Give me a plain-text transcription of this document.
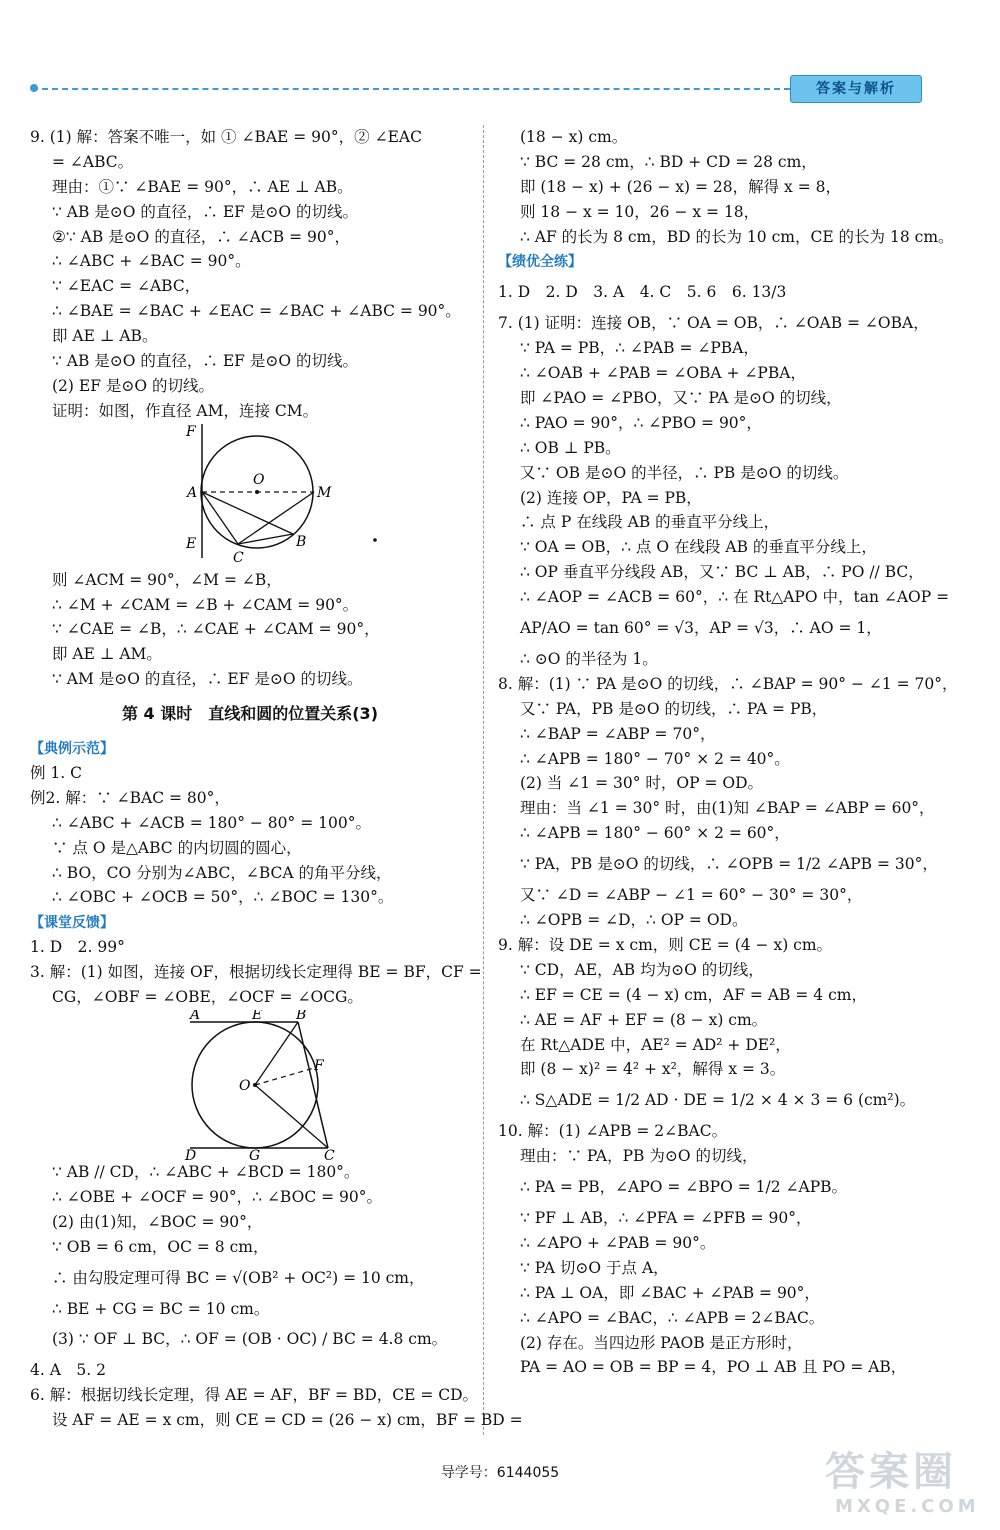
答案与解析
9. (1) 解：答案不唯一，如 ① ∠BAE = 90°，② ∠EAC
= ∠ABC。
理由：①∵ ∠BAE = 90°，∴ AE ⊥ AB。
∵ AB 是⊙O 的直径，∴ EF 是⊙O 的切线。
②∵ AB 是⊙O 的直径，∴ ∠ACB = 90°，
∴ ∠ABC + ∠BAC = 90°。
∵ ∠EAC = ∠ABC，
∴ ∠BAE = ∠BAC + ∠EAC = ∠BAC + ∠ABC = 90°。
即 AE ⊥ AB。
∵ AB 是⊙O 的直径，∴ EF 是⊙O 的切线。
(2) EF 是⊙O 的切线。
证明：如图，作直径 AM，连接 CM。
F
O
A	M
E
C
B
则 ∠ACM = 90°，∠M = ∠B，
∴ ∠M + ∠CAM = ∠B + ∠CAM = 90°。
∵ ∠CAE = ∠B，∴ ∠CAE + ∠CAM = 90°，
即 AE ⊥ AM。
∵ AM 是⊙O 的直径，∴ EF 是⊙O 的切线。
第 4 课时　直线和圆的位置关系(3)
【典例示范】
例 1. C
例2. 解：∵ ∠BAC = 80°，
∴ ∠ABC + ∠ACB = 180° − 80° = 100°。
∵ 点 O 是△ABC 的内切圆的圆心，
∴ BO，CO 分别为∠ABC，∠BCA 的角平分线，
∴ ∠OBC + ∠OCB = 50°，∴ ∠BOC = 130°。
【课堂反馈】
1. D　2. 99°
3. 解：(1) 如图，连接 OF，根据切线长定理得 BE = BF，CF =
CG，∠OBF = ∠OBE，∠OCF = ∠OCG。
A	E B
O
F
D	G	C
∵ AB // CD，∴ ∠ABC + ∠BCD = 180°。
∴ ∠OBE + ∠OCF = 90°，∴ ∠BOC = 90°。
(2) 由(1)知，∠BOC = 90°，
∵ OB = 6 cm，OC = 8 cm，
∴ 由勾股定理可得 BC = √(OB² + OC²) = 10 cm，
∴ BE + CG = BC = 10 cm。
(3) ∵ OF ⊥ BC，∴ OF = (OB · OC) / BC = 4.8 cm。
4. A　5. 2
6. 解：根据切线长定理，得 AE = AF，BF = BD，CE = CD。
设 AF = AE = x cm，则 CE = CD = (26 − x) cm，BF = BD =
(18 − x) cm。
∵ BC = 28 cm，∴ BD + CD = 28 cm，
即 (18 − x) + (26 − x) = 28，解得 x = 8，
则 18 − x = 10，26 − x = 18，
∴ AF 的长为 8 cm，BD 的长为 10 cm，CE 的长为 18 cm。
【绩优全练】
1. D　2. D　3. A　4. C　5. 6　6. 13/3
7. (1) 证明：连接 OB，∵ OA = OB，∴ ∠OAB = ∠OBA，
∵ PA = PB，∴ ∠PAB = ∠PBA，
∴ ∠OAB + ∠PAB = ∠OBA + ∠PBA，
即 ∠PAO = ∠PBO，又∵ PA 是⊙O 的切线，
∴ PAO = 90°，∴ ∠PBO = 90°，
∴ OB ⊥ PB。
又∵ OB 是⊙O 的半径，∴ PB 是⊙O 的切线。
(2) 连接 OP，PA = PB，
∴ 点 P 在线段 AB 的垂直平分线上，
∵ OA = OB，∴ 点 O 在线段 AB 的垂直平分线上，
∴ OP 垂直平分线段 AB，又∵ BC ⊥ AB，∴ PO // BC，
∴ ∠AOP = ∠ACB = 60°，∴ 在 Rt△APO 中，tan ∠AOP =
AP/AO = tan 60° = √3，AP = √3，∴ AO = 1，
∴ ⊙O 的半径为 1。
8. 解：(1) ∵ PA 是⊙O 的切线，∴ ∠BAP = 90° − ∠1 = 70°，
又∵ PA，PB 是⊙O 的切线，∴ PA = PB，
∴ ∠BAP = ∠ABP = 70°，
∴ ∠APB = 180° − 70° × 2 = 40°。
(2) 当 ∠1 = 30° 时，OP = OD。
理由：当 ∠1 = 30° 时，由(1)知 ∠BAP = ∠ABP = 60°，
∴ ∠APB = 180° − 60° × 2 = 60°，
∵ PA，PB 是⊙O 的切线，∴ ∠OPB = 1/2 ∠APB = 30°，
又∵ ∠D = ∠ABP − ∠1 = 60° − 30° = 30°，
∴ ∠OPB = ∠D，∴ OP = OD。
9. 解：设 DE = x cm，则 CE = (4 − x) cm。
∵ CD，AE，AB 均为⊙O 的切线，
∴ EF = CE = (4 − x) cm，AF = AB = 4 cm，
∴ AE = AF + EF = (8 − x) cm。
在 Rt△ADE 中，AE² = AD² + DE²，
即 (8 − x)² = 4² + x²，解得 x = 3。
∴ S△ADE = 1/2 AD · DE = 1/2 × 4 × 3 = 6 (cm²)。
10. 解：(1) ∠APB = 2∠BAC。
理由：∵ PA，PB 为⊙O 的切线，
∴ PA = PB，∠APO = ∠BPO = 1/2 ∠APB。
∵ PF ⊥ AB，∴ ∠PFA = ∠PFB = 90°，
∴ ∠APO + ∠PAB = 90°。
∵ PA 切⊙O 于点 A，
∴ PA ⊥ OA，即 ∠BAC + ∠PAB = 90°，
∴ ∠APO = ∠BAC，∴ ∠APB = 2∠BAC。
(2) 存在。当四边形 PAOB 是正方形时，
PA = AO = OB = BP = 4，PO ⊥ AB 且 PO = AB，
导学号：6144055	答案圈
MXQE.COM
